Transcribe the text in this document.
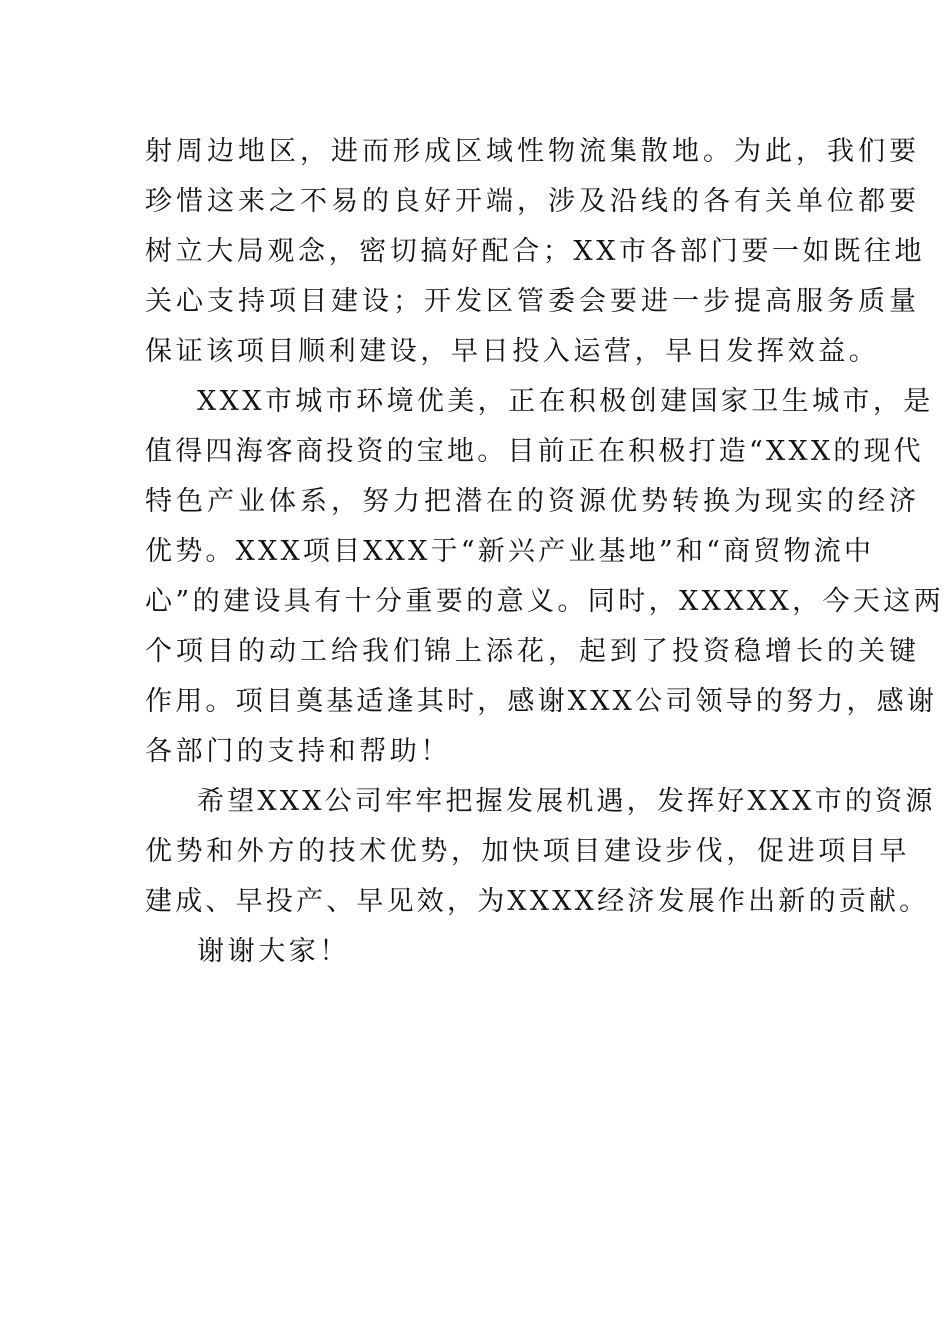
射周边地区，进而形成区域性物流集散地。为此，我们要
珍惜这来之不易的良好开端，涉及沿线的各有关单位都要
树立大局观念，密切搞好配合；XX市各部门要一如既往地
关心支持项目建设；开发区管委会要进一步提高服务质量
保证该项目顺利建设，早日投入运营，早日发挥效益。
XXX市城市环境优美，正在积极创建国家卫生城市，是
值得四海客商投资的宝地。目前正在积极打造“XXX的现代
特色产业体系，努力把潜在的资源优势转换为现实的经济
优势。XXX项目XXX于“新兴产业基地”和“商贸物流中
心”的建设具有十分重要的意义。同时，XXXXX，今天这两
个项目的动工给我们锦上添花，起到了投资稳增长的关键
作用。项目奠基适逢其时，感谢XXX公司领导的努力，感谢
各部门的支持和帮助！
希望XXX公司牢牢把握发展机遇，发挥好XXX市的资源
优势和外方的技术优势，加快项目建设步伐，促进项目早
建成、早投产、早见效，为XXXX经济发展作出新的贡献。
谢谢大家！
